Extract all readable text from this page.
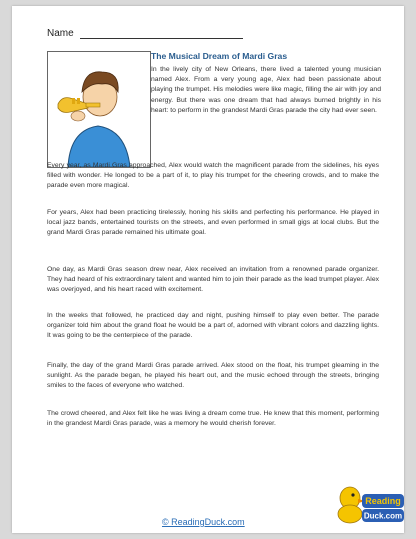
Name
The Musical Dream of Mardi Gras

In the lively city of New Orleans, there lived a talented young musician named Alex. From a very young age, Alex had been passionate about playing the trumpet. His melodies were like magic, filling the air with joy and energy. But there was one dream that had always burned brightly in his heart: to perform in the grandest Mardi Gras parade the city had ever seen.

Every year, as Mardi Gras approached, Alex would watch the magnificent parade from the sidelines, his eyes filled with wonder. He longed to be a part of it, to play his trumpet for the cheering crowds, and to make the parade even more magical.

For years, Alex had been practicing tirelessly, honing his skills and perfecting his performance. He played in local jazz bands, entertained tourists on the streets, and even performed in small gigs at local clubs. But the grand Mardi Gras parade remained his ultimate goal.

One day, as Mardi Gras season drew near, Alex received an invitation from a renowned parade organizer. They had heard of his extraordinary talent and wanted him to join their parade as the lead trumpet player. Alex was overjoyed, and his heart raced with excitement.

In the weeks that followed, he practiced day and night, pushing himself to play even better. The parade organizer told him about the grand float he would be a part of, adorned with vibrant colors and dazzling lights. It was going to be the centerpiece of the parade.

Finally, the day of the grand Mardi Gras parade arrived. Alex stood on the float, his trumpet gleaming in the sunlight. As the parade began, he played his heart out, and the music echoed through the streets, bringing smiles to the faces of everyone who watched.

The crowd cheered, and Alex felt like he was living a dream come true. He knew that this moment, performing in the grandest Mardi Gras parade, was a memory he would cherish forever.

© ReadingDuck.com
Reading
Duck.com
